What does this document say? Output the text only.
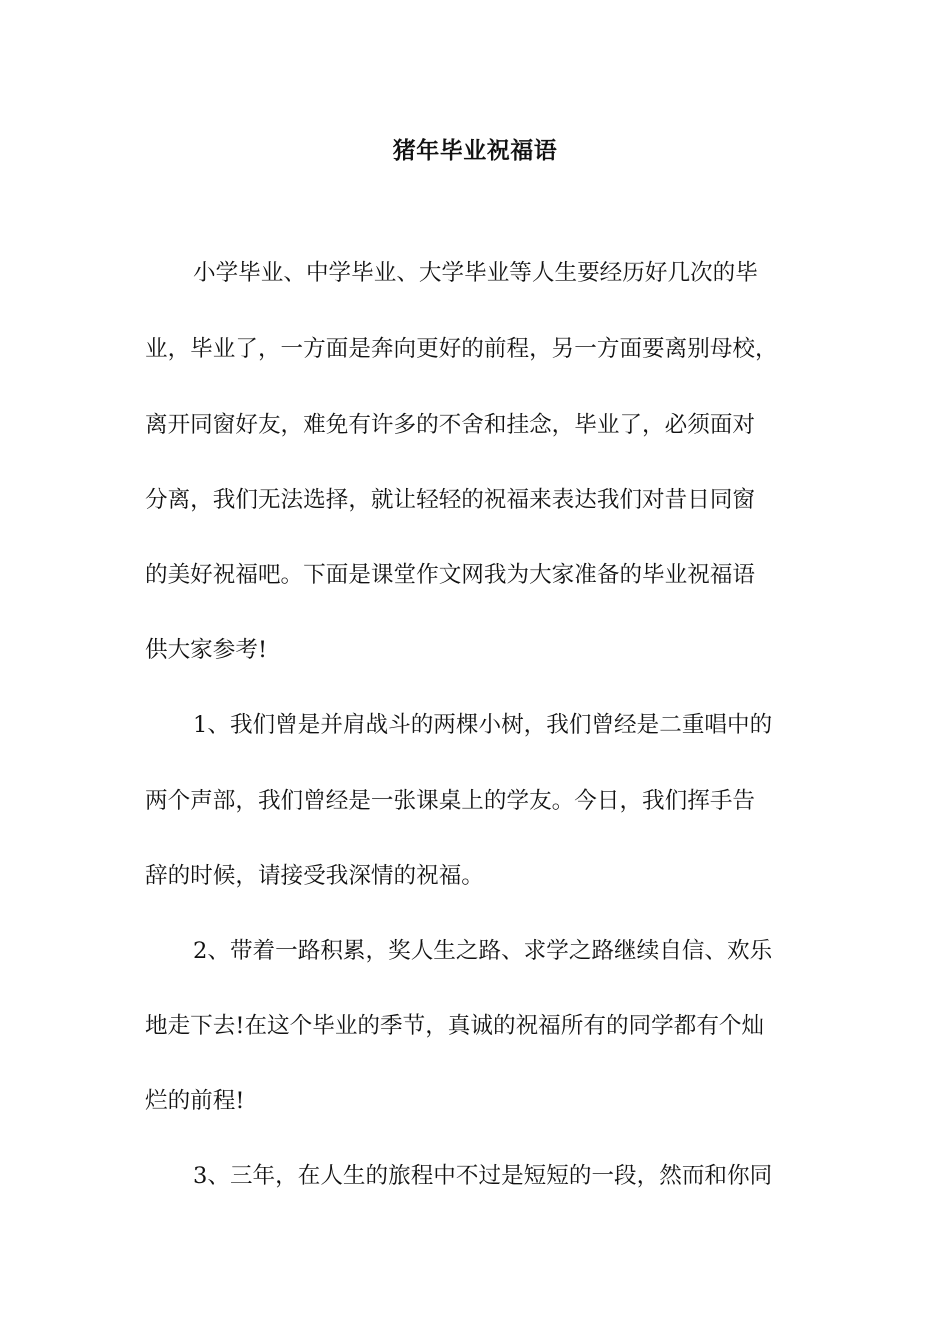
猪年毕业祝福语
小学毕业、中学毕业、大学毕业等人生要经历好几次的毕
业，毕业了，一方面是奔向更好的前程，另一方面要离别母校，
离开同窗好友，难免有许多的不舍和挂念，毕业了，必须面对
分离，我们无法选择，就让轻轻的祝福来表达我们对昔日同窗
的美好祝福吧。下面是课堂作文网我为大家准备的毕业祝福语
供大家参考!
1、我们曾是并肩战斗的两棵小树，我们曾经是二重唱中的
两个声部，我们曾经是一张课桌上的学友。今日，我们挥手告
辞的时候，请接受我深情的祝福。
2、带着一路积累，奖人生之路、求学之路继续自信、欢乐
地走下去!在这个毕业的季节，真诚的祝福所有的同学都有个灿
烂的前程!
3、三年，在人生的旅程中不过是短短的一段，然而和你同
